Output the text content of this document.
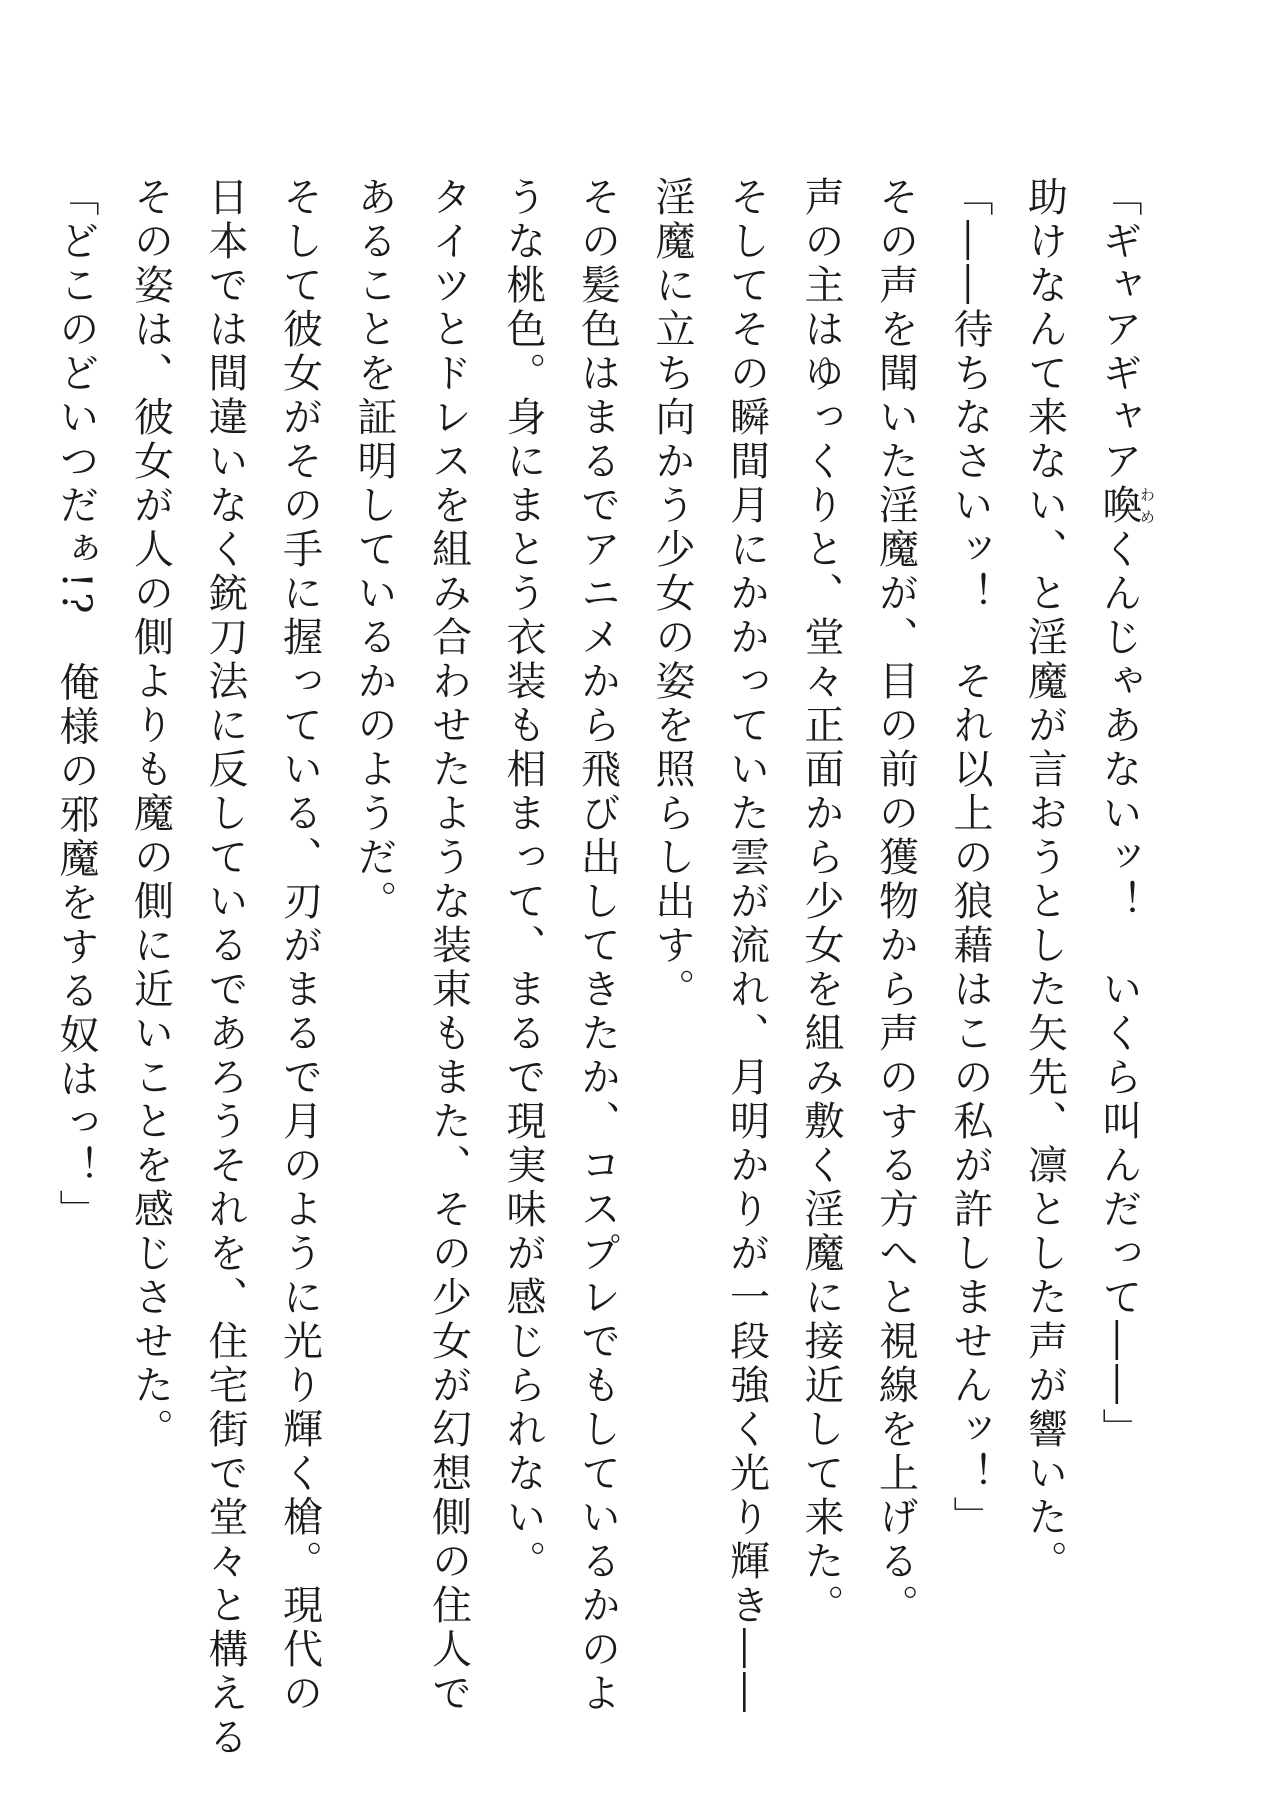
「ギャアギャア喚わめくんじゃあないッ！　いくら叫んだって――」
助けなんて来ない、と淫魔が言おうとした矢先、凛とした声が響いた。
「――待ちなさいッ！　それ以上の狼藉はこの私が許しませんッ！」
その声を聞いた淫魔が、目の前の獲物から声のする方へと視線を上げる。
声の主はゆっくりと、堂々正面から少女を組み敷く淫魔に接近して来た。
そしてその瞬間月にかかっていた雲が流れ、月明かりが一段強く光り輝き――
淫魔に立ち向かう少女の姿を照らし出す。
その髪色はまるでアニメから飛び出してきたか、コスプレでもしているかのよ
うな桃色。身にまとう衣装も相まって、まるで現実味が感じられない。
タイツとドレスを組み合わせたような装束もまた、その少女が幻想側の住人で
あることを証明しているかのようだ。
そして彼女がその手に握っている、刃がまるで月のように光り輝く槍。現代の
日本では間違いなく銃刀法に反しているであろうそれを、住宅街で堂々と構える
その姿は、彼女が人の側よりも魔の側に近いことを感じさせた。
「どこのどいつだぁ!?　俺様の邪魔をする奴はっ！」
